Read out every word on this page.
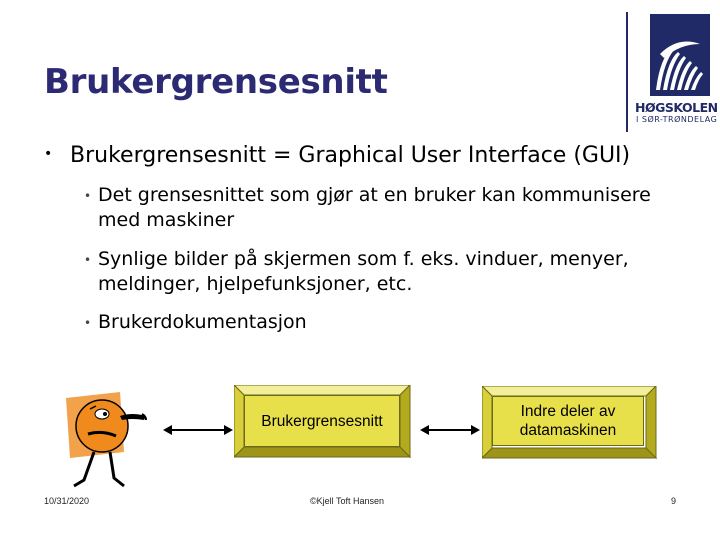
Brukergrensesnitt
HØGSKOLEN
I SØR-TRØNDELAG
• Brukergrensesnitt = Graphical User Interface (GUI)
• Det grensesnittet som gjør at en bruker kan kommunisere med maskiner
• Synlige bilder på skjermen som f. eks. vinduer, menyer, meldinger, hjelpefunksjoner, etc.
• Brukerdokumentasjon
Brukergrensesnitt
Indre deler av datamaskinen
10/31/2020	©Kjell Toft Hansen	9
